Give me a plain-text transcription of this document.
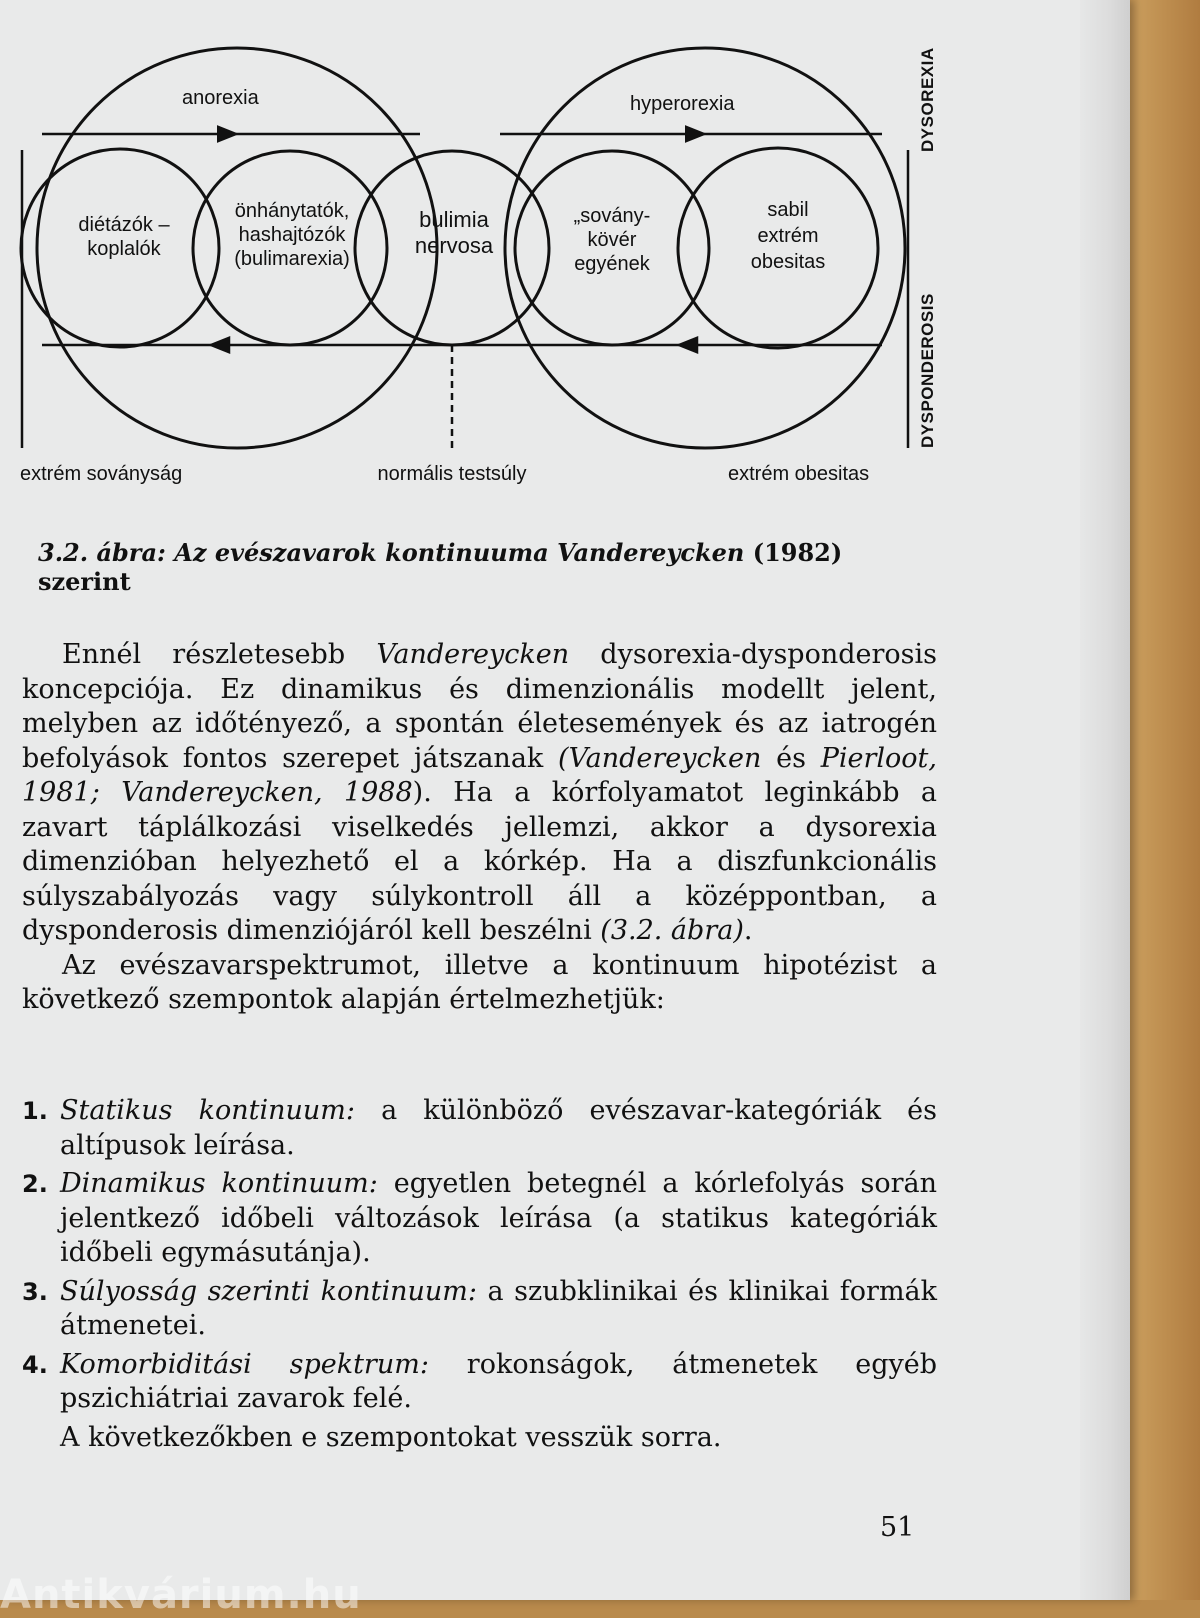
anorexia	hyperorexia
diétázók –
koplalók
önhánytatók,
hashajtózók
(bulimarexia)
bulimia
nervosa
„sovány-
kövér
egyének
sabil
extrém
obesitas
DYSOREXIA
DYSPONDEROSIS
extrém soványság	normális testsúly	extrém obesitas
3.2. ábra: Az evészavarok kontinuuma Vandereycken (1982) szerint

Ennél részletesebb Vandereycken dysorexia-dysponderosis koncepciója. Ez dinamikus és dimenzionális modellt jelent, melyben az időtényező, a spontán életesemények és az iatrogén befolyások fontos szerepet játszanak (Vandereycken és Pierloot, 1981; Vandereycken, 1988). Ha a kórfolyamatot leginkább a zavart táplálkozási viselkedés jellemzi, akkor a dysorexia dimenzióban helyezhető el a kórkép. Ha a diszfunkcionális súlyszabályozás vagy súlykontroll áll a középpontban, a dysponderosis dimenziójáról kell beszélni (3.2. ábra).

Az evészavarspektrumot, illetve a kontinuum hipotézist a következő szempontok alapján értelmezhetjük:

1. Statikus kontinuum: a különböző evészavar-kategóriák és altípusok leírása.
2. Dinamikus kontinuum: egyetlen betegnél a kórlefolyás során jelentkező időbeli változások leírása (a statikus kategóriák időbeli egymásutánja).
3. Súlyosság szerinti kontinuum: a szubklinikai és klinikai formák átmenetei.
4. Komorbiditási spektrum: rokonságok, átmenetek egyéb pszichiátriai zavarok felé.
A következőkben e szempontokat vesszük sorra.
51
Antikvárium.hu
